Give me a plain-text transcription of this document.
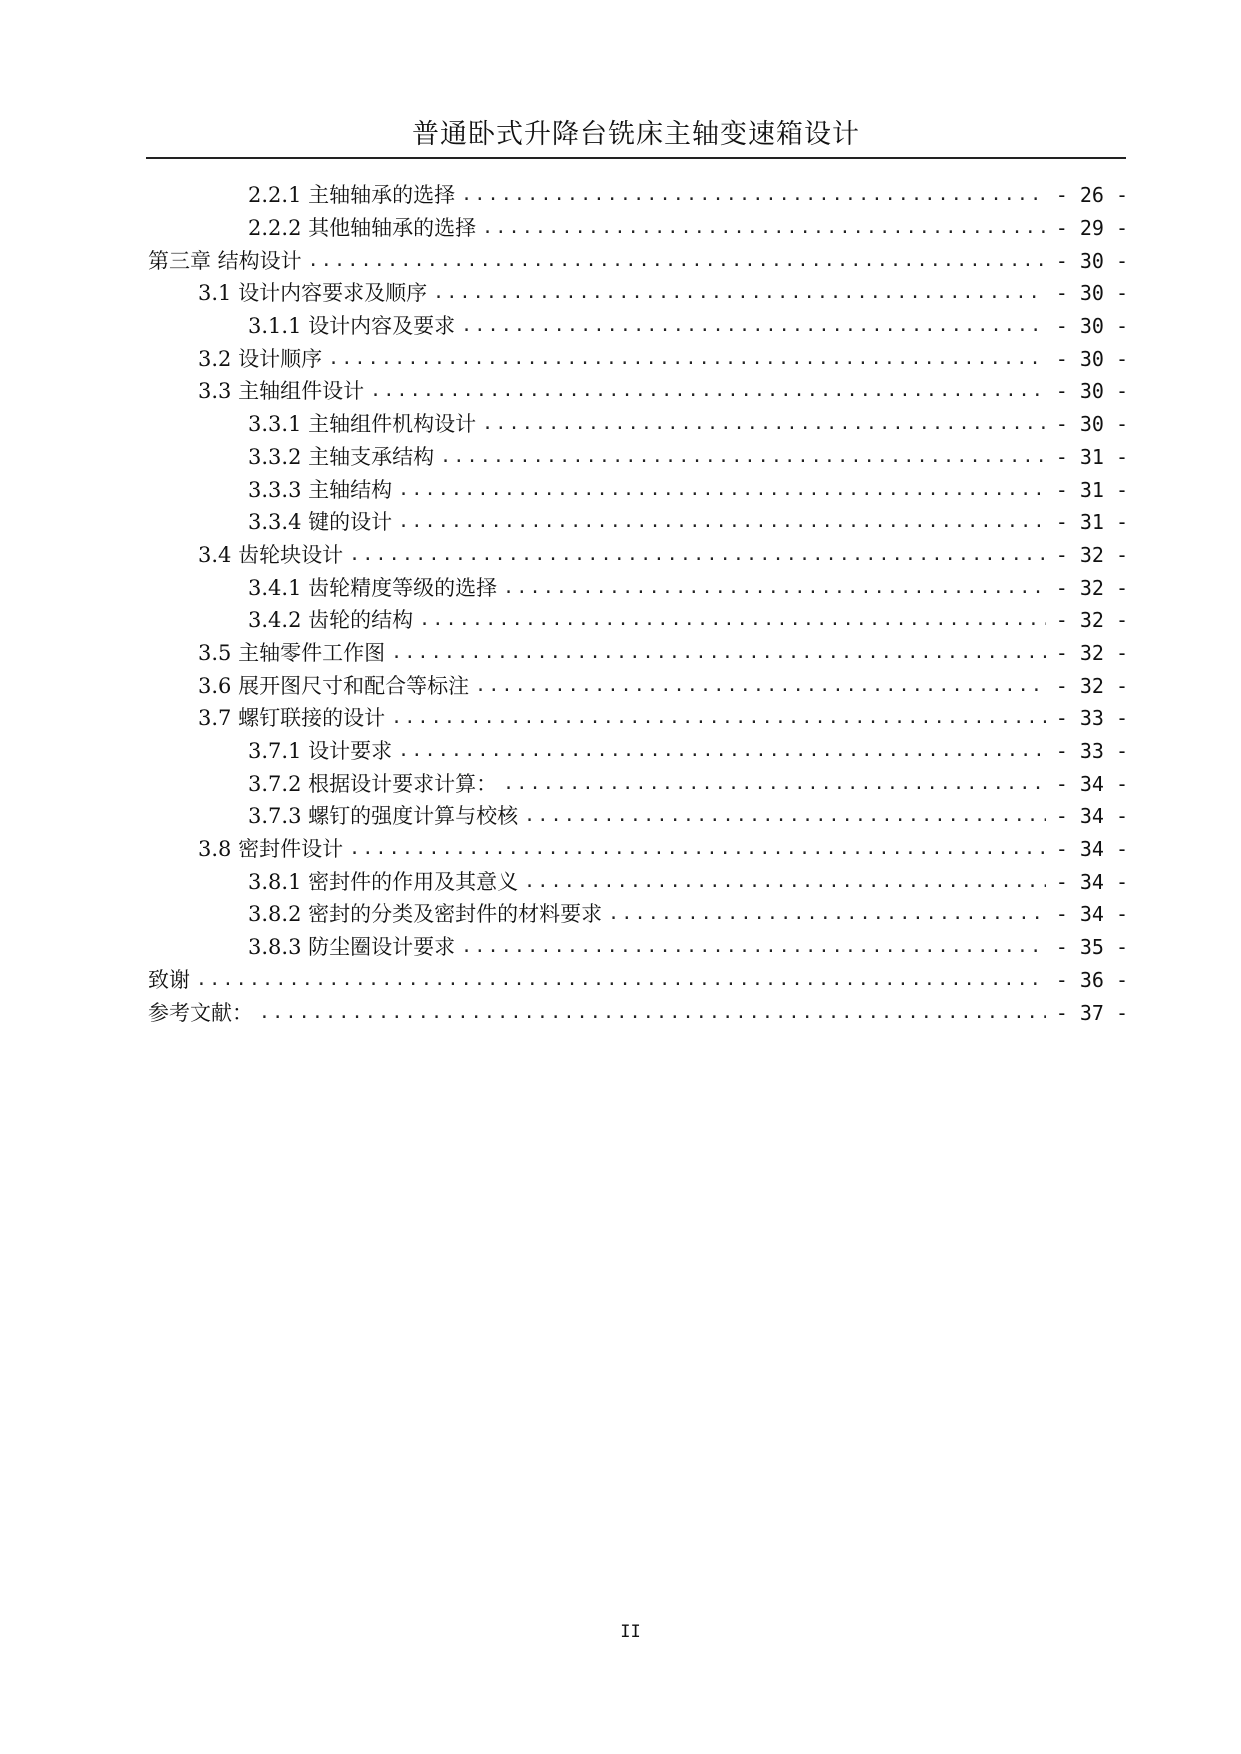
普通卧式升降台铣床主轴变速箱设计
2.2.1 主轴轴承的选择 .....	- 26 -
2.2.2 其他轴轴承的选择 .....	- 29 -
第三章 结构设计 .....	- 30 -
3.1 设计内容要求及顺序 .....	- 30 -
3.1.1 设计内容及要求 .....	- 30 -
3.2 设计顺序 .....	- 30 -
3.3 主轴组件设计 .....	- 30 -
3.3.1 主轴组件机构设计 .....	- 30 -
3.3.2 主轴支承结构 .....	- 31 -
3.3.3 主轴结构 .....	- 31 -
3.3.4 键的设计 .....	- 31 -
3.4 齿轮块设计 .....	- 32 -
3.4.1 齿轮精度等级的选择 .....	- 32 -
3.4.2 齿轮的结构 .....	- 32 -
3.5 主轴零件工作图 .....	- 32 -
3.6 展开图尺寸和配合等标注 .....	- 32 -
3.7 螺钉联接的设计 .....	- 33 -
3.7.1 设计要求 .....	- 33 -
3.7.2 根据设计要求计算： .....	- 34 -
3.7.3 螺钉的强度计算与校核 .....	- 34 -
3.8 密封件设计 .....	- 34 -
3.8.1 密封件的作用及其意义 .....	- 34 -
3.8.2 密封的分类及密封件的材料要求 .....	- 34 -
3.8.3 防尘圈设计要求 .....	- 35 -
致谢 .....	- 36 -
参考文献： .....	- 37 -
II
